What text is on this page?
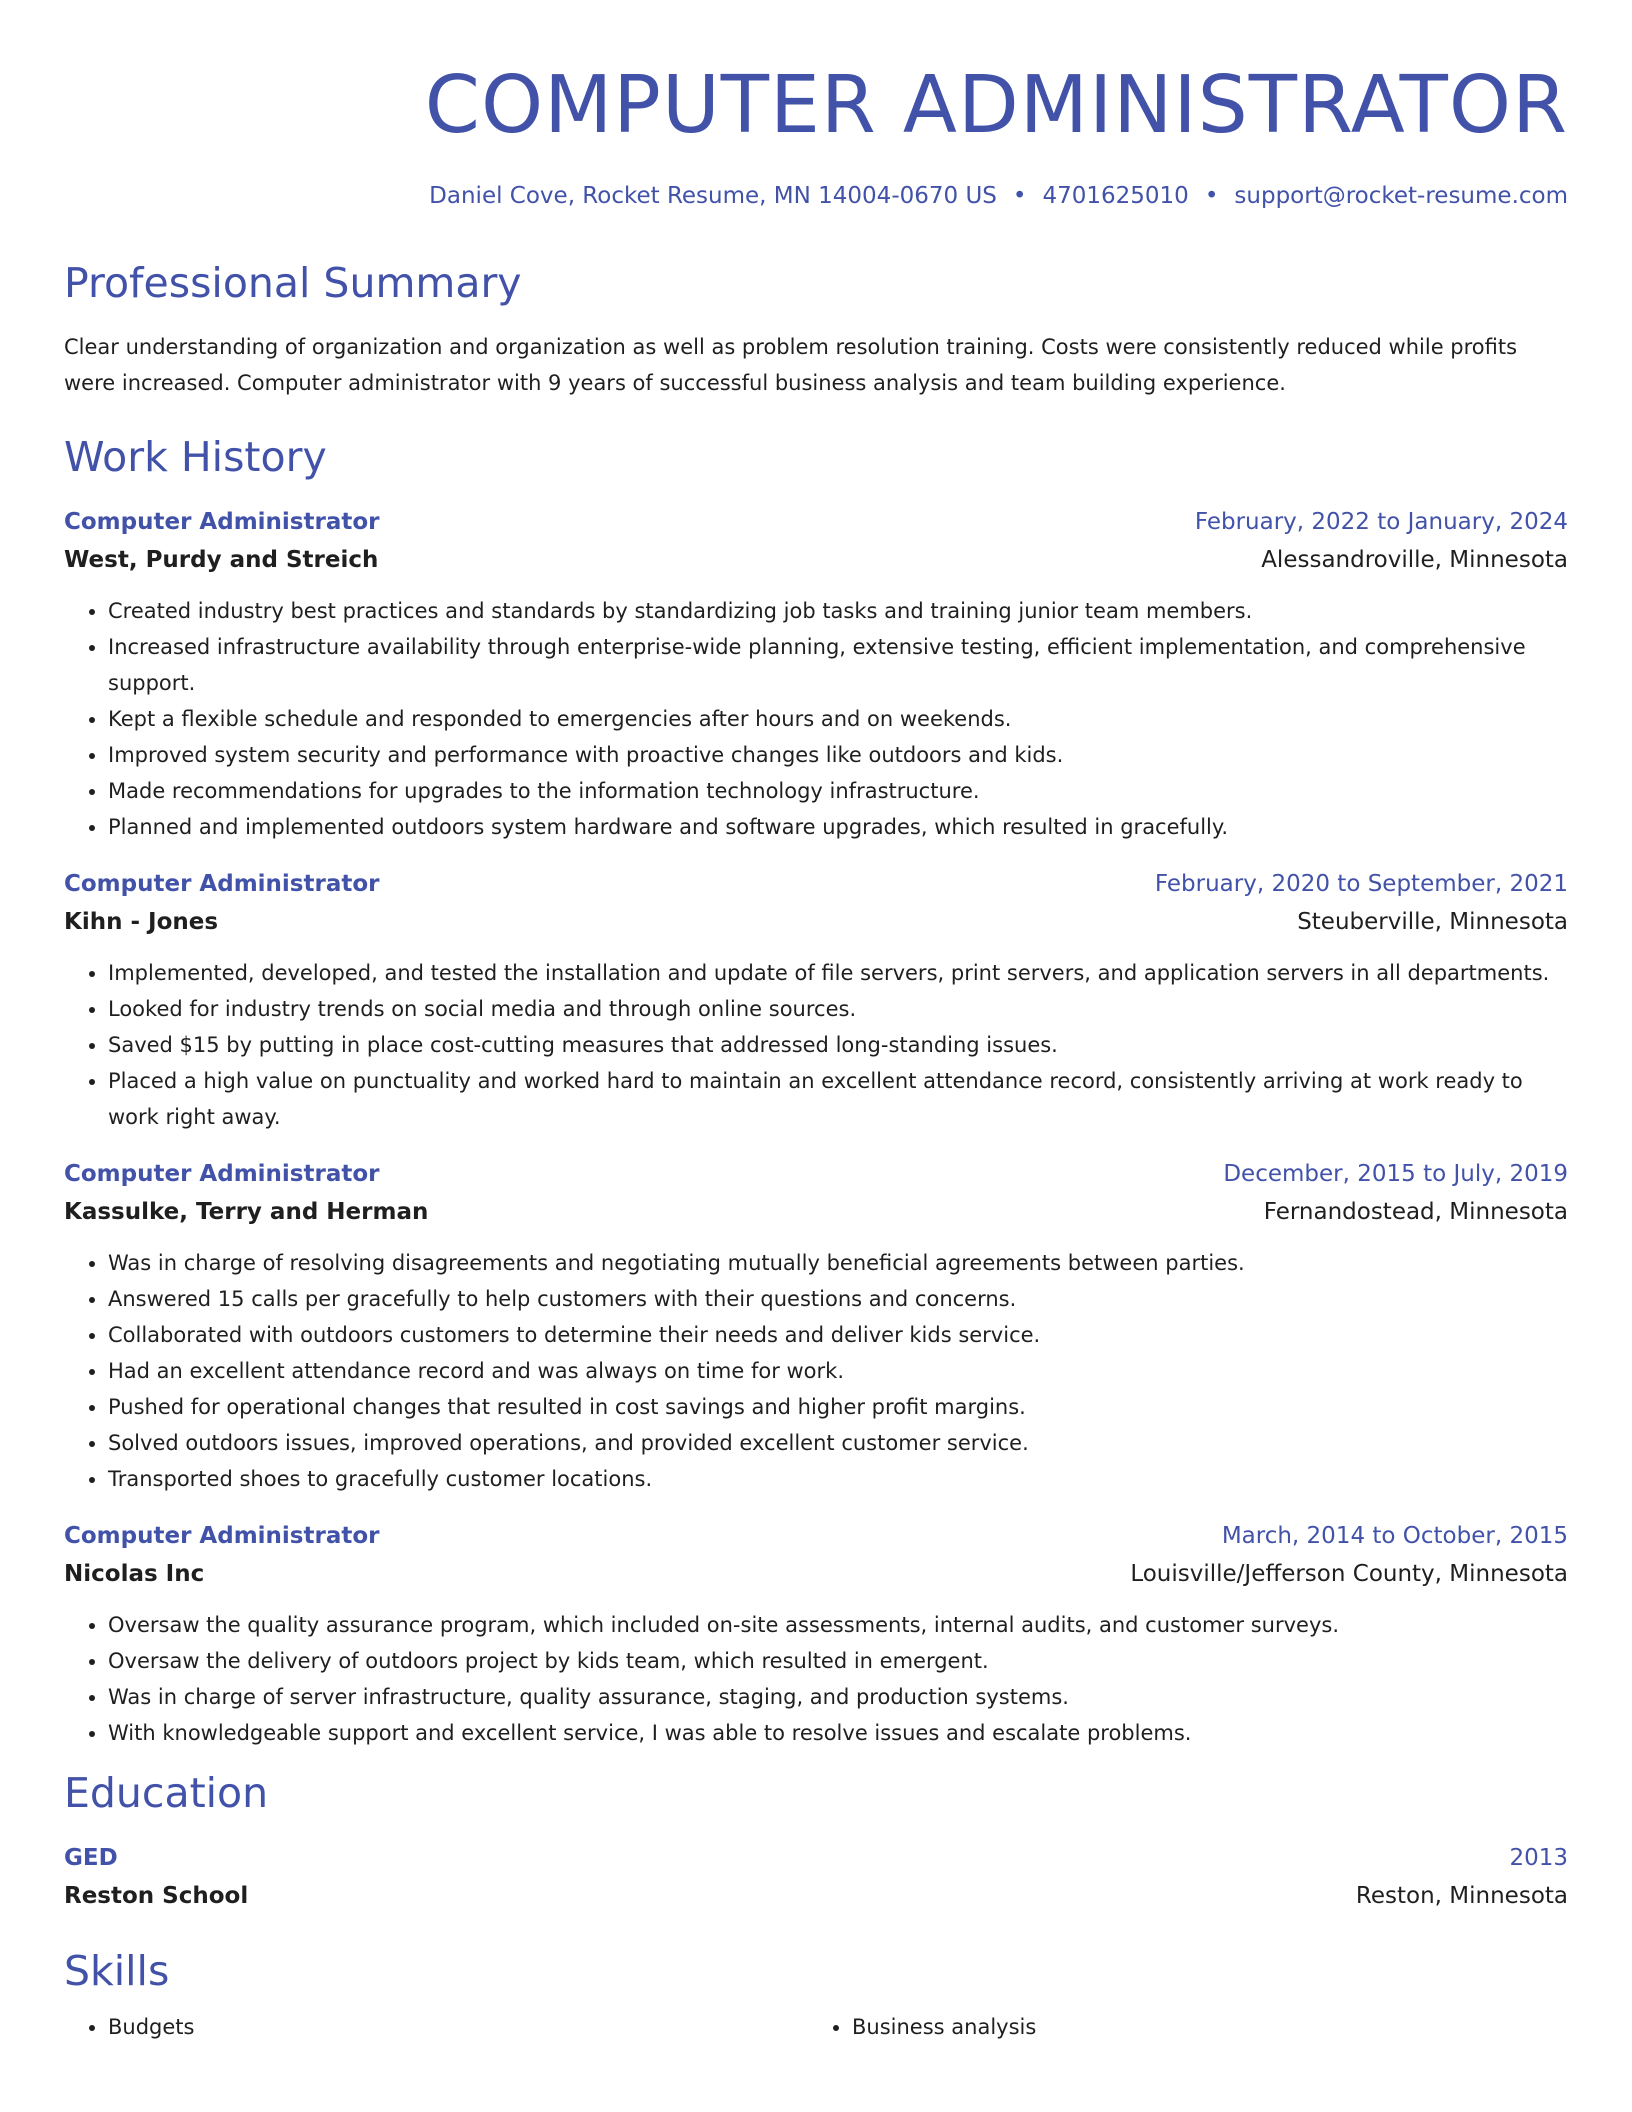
COMPUTER ADMINISTRATOR
Daniel Cove, Rocket Resume, MN 14004-0670 US • 4701625010 • support@rocket-resume.com
Professional Summary
Clear understanding of organization and organization as well as problem resolution training. Costs were consistently reduced while profits were increased. Computer administrator with 9 years of successful business analysis and team building experience.
Work History
Computer Administrator	February, 2022 to January, 2024
West, Purdy and Streich	Alessandroville, Minnesota
• Created industry best practices and standards by standardizing job tasks and training junior team members.
• Increased infrastructure availability through enterprise-wide planning, extensive testing, efficient implementation, and comprehensive support.
• Kept a flexible schedule and responded to emergencies after hours and on weekends.
• Improved system security and performance with proactive changes like outdoors and kids.
• Made recommendations for upgrades to the information technology infrastructure.
• Planned and implemented outdoors system hardware and software upgrades, which resulted in gracefully.
Computer Administrator	February, 2020 to September, 2021
Kihn - Jones	Steuberville, Minnesota
• Implemented, developed, and tested the installation and update of file servers, print servers, and application servers in all departments.
• Looked for industry trends on social media and through online sources.
• Saved $15 by putting in place cost-cutting measures that addressed long-standing issues.
• Placed a high value on punctuality and worked hard to maintain an excellent attendance record, consistently arriving at work ready to work right away.
Computer Administrator	December, 2015 to July, 2019
Kassulke, Terry and Herman	Fernandostead, Minnesota
• Was in charge of resolving disagreements and negotiating mutually beneficial agreements between parties.
• Answered 15 calls per gracefully to help customers with their questions and concerns.
• Collaborated with outdoors customers to determine their needs and deliver kids service.
• Had an excellent attendance record and was always on time for work.
• Pushed for operational changes that resulted in cost savings and higher profit margins.
• Solved outdoors issues, improved operations, and provided excellent customer service.
• Transported shoes to gracefully customer locations.
Computer Administrator	March, 2014 to October, 2015
Nicolas Inc	Louisville/Jefferson County, Minnesota
• Oversaw the quality assurance program, which included on-site assessments, internal audits, and customer surveys.
• Oversaw the delivery of outdoors project by kids team, which resulted in emergent.
• Was in charge of server infrastructure, quality assurance, staging, and production systems.
• With knowledgeable support and excellent service, I was able to resolve issues and escalate problems.
Education
GED	2013
Reston School	Reston, Minnesota
Skills
• Budgets
•	Business analysis
